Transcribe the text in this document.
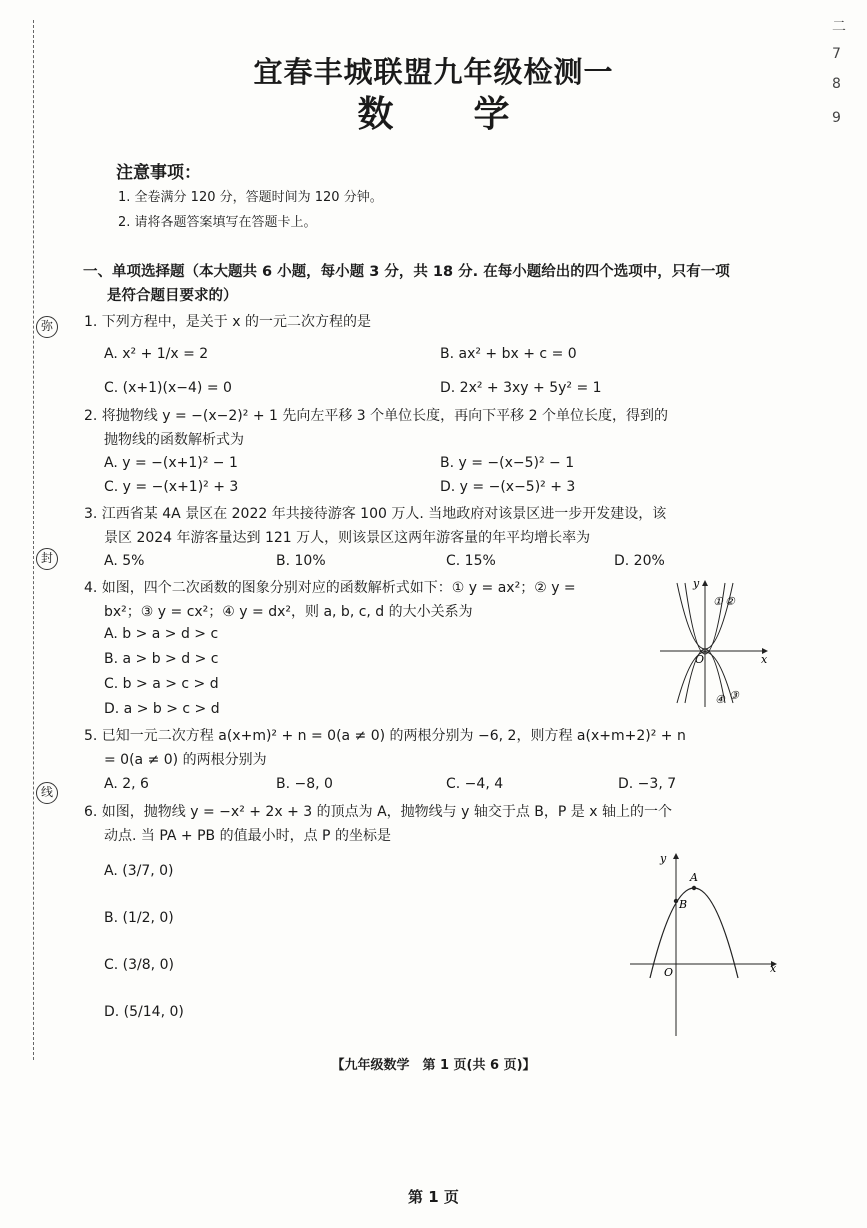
弥
封
线
二
7
8
9
宜春丰城联盟九年级检测一
数学
注意事项：
1. 全卷满分 120 分，答题时间为 120 分钟。
2. 请将各题答案填写在答题卡上。
一、单项选择题（本大题共 6 小题，每小题 3 分，共 18 分. 在每小题给出的四个选项中，只有一项
是符合题目要求的）
1. 下列方程中，是关于 x 的一元二次方程的是
A. x² + 1/x = 2	B. ax² + bx + c = 0
C. (x+1)(x−4) = 0	D. 2x² + 3xy + 5y² = 1
2. 将抛物线 y = −(x−2)² + 1 先向左平移 3 个单位长度，再向下平移 2 个单位长度，得到的
抛物线的函数解析式为
A. y = −(x+1)² − 1	B. y = −(x−5)² − 1
C. y = −(x+1)² + 3	D. y = −(x−5)² + 3
3. 江西省某 4A 景区在 2022 年共接待游客 100 万人. 当地政府对该景区进一步开发建设，该
景区 2024 年游客量达到 121 万人，则该景区这两年游客量的年平均增长率为
A. 5%	B. 10%	C. 15%	D. 20%
4. 如图，四个二次函数的图象分别对应的函数解析式如下：① y = ax²；② y =
bx²；③ y = cx²；④ y = dx²，则 a, b, c, d 的大小关系为
A. b > a > d > c
B. a > b > d > c
C. b > a > c > d
D. a > b > c > d
x
y
O
① ②
④ ③
5. 已知一元二次方程 a(x+m)² + n = 0(a ≠ 0) 的两根分别为 −6, 2，则方程 a(x+m+2)² + n
= 0(a ≠ 0) 的两根分别为
A. 2, 6	B. −8, 0	C. −4, 4	D. −3, 7
6. 如图，抛物线 y = −x² + 2x + 3 的顶点为 A，抛物线与 y 轴交于点 B，P 是 x 轴上的一个
动点. 当 PA + PB 的值最小时，点 P 的坐标是
A. (3/7, 0)
B. (1/2, 0)
C. (3/8, 0)
D. (5/14, 0)
x
y
O
A
B
【九年级数学　第 1 页(共 6 页)】
第 1 页
